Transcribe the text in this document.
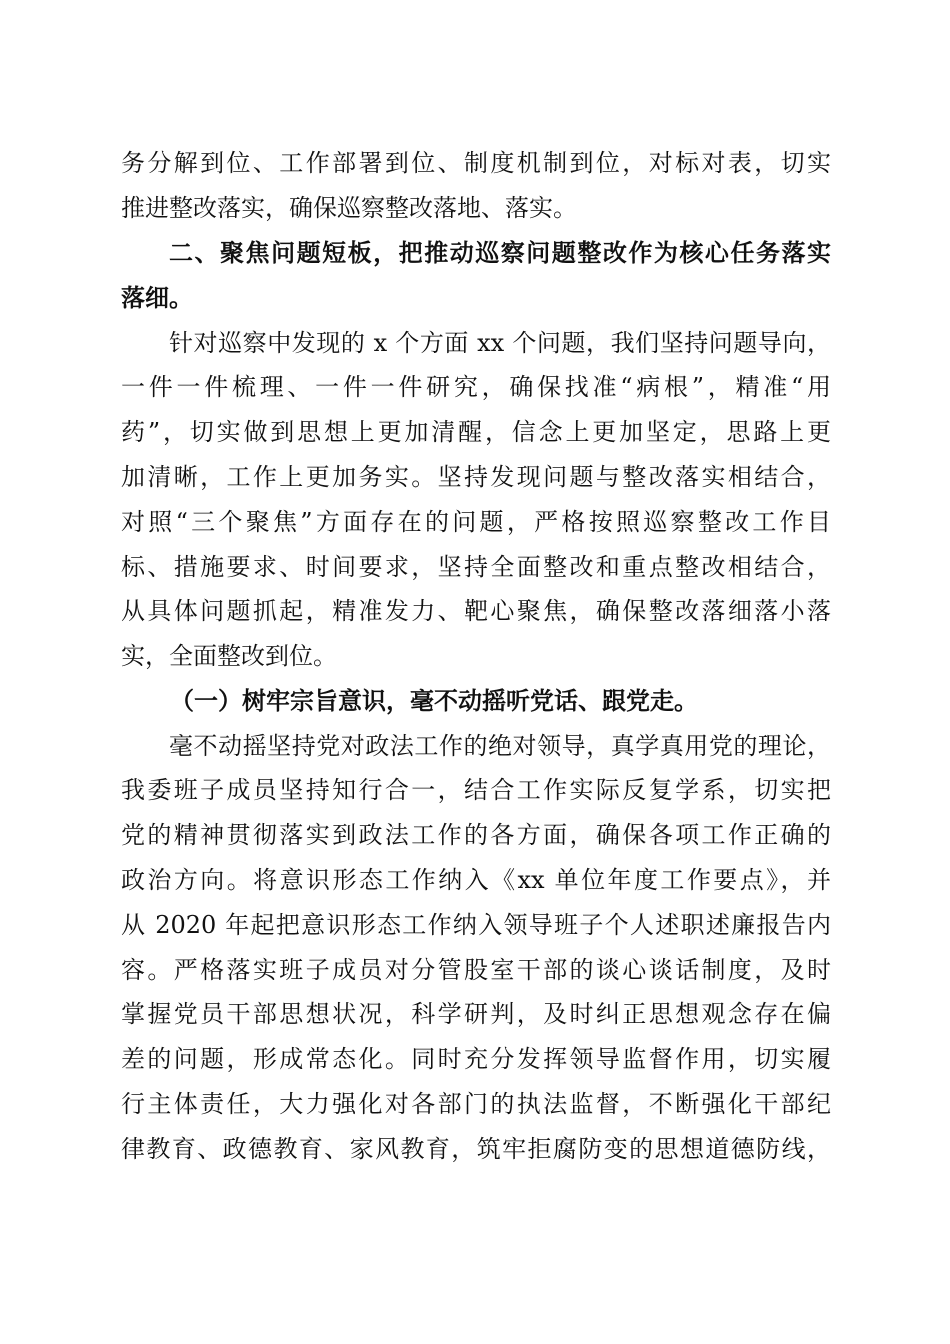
务分解到位、工作部署到位、制度机制到位，对标对表，切实
推进整改落实，确保巡察整改落地、落实。
二、聚焦问题短板，把推动巡察问题整改作为核心任务落实
落细。
针对巡察中发现的 x 个方面 xx 个问题，我们坚持问题导向，
一件一件梳理、一件一件研究，确保找准“病根”，精准“用
药”，切实做到思想上更加清醒，信念上更加坚定，思路上更
加清晰，工作上更加务实。坚持发现问题与整改落实相结合，
对照“三个聚焦”方面存在的问题，严格按照巡察整改工作目
标、措施要求、时间要求，坚持全面整改和重点整改相结合，
从具体问题抓起，精准发力、靶心聚焦，确保整改落细落小落
实，全面整改到位。
（一）树牢宗旨意识，毫不动摇听党话、跟党走。
毫不动摇坚持党对政法工作的绝对领导，真学真用党的理论，
我委班子成员坚持知行合一，结合工作实际反复学系，切实把
党的精神贯彻落实到政法工作的各方面，确保各项工作正确的
政治方向。将意识形态工作纳入《xx 单位年度工作要点》，并
从 2020 年起把意识形态工作纳入领导班子个人述职述廉报告内
容。严格落实班子成员对分管股室干部的谈心谈话制度，及时
掌握党员干部思想状况，科学研判，及时纠正思想观念存在偏
差的问题，形成常态化。同时充分发挥领导监督作用，切实履
行主体责任，大力强化对各部门的执法监督，不断强化干部纪
律教育、政德教育、家风教育，筑牢拒腐防变的思想道德防线，
